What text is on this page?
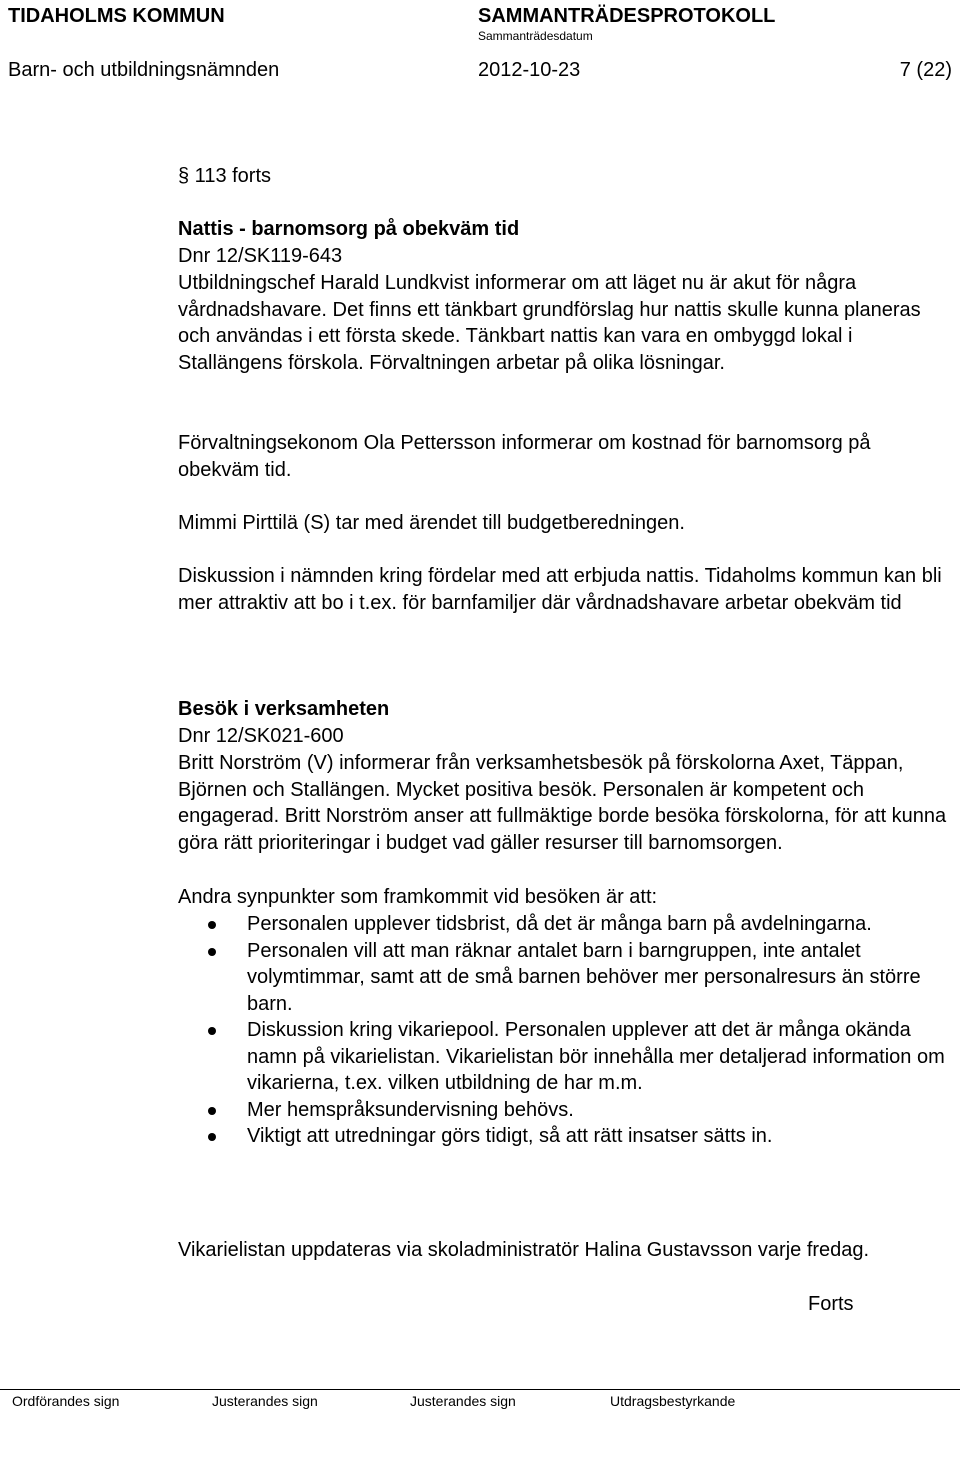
TIDAHOLMS KOMMUN	SAMMANTRÄDESPROTOKOLL
Sammanträdesdatum
Barn- och utbildningsnämnden	2012-10-23	7 (22)
§ 113 forts
Nattis - barnomsorg på obekväm tid
Dnr 12/SK119-643

Utbildningschef Harald Lundkvist informerar om att läget nu är akut för några vårdnadshavare. Det finns ett tänkbart grundförslag hur nattis skulle kunna planeras och användas i ett första skede. Tänkbart nattis kan vara en ombyggd lokal i Stallängens förskola. Förvaltningen arbetar på olika lösningar.

Förvaltningsekonom Ola Pettersson informerar om kostnad för barnomsorg på obekväm tid.

Mimmi Pirttilä (S) tar med ärendet till budgetberedningen.

Diskussion i nämnden kring fördelar med att erbjuda nattis. Tidaholms kommun kan bli mer attraktiv att bo i t.ex. för barnfamiljer där vårdnadshavare arbetar obekväm tid

Besök i verksamheten
Dnr 12/SK021-600

Britt Norström (V) informerar från verksamhetsbesök på förskolorna Axet, Täppan, Björnen och Stallängen. Mycket positiva besök. Personalen är kompetent och engagerad. Britt Norström anser att fullmäktige borde besöka förskolorna, för att kunna göra rätt prioriteringar i budget vad gäller resurser till barnomsorgen.

Andra synpunkter som framkommit vid besöken är att:
Personalen upplever tidsbrist, då det är många barn på avdelningarna.
Personalen vill att man räknar antalet barn i barngruppen, inte antalet volymtimmar, samt att de små barnen behöver mer personalresurs än större barn.
Diskussion kring vikariepool. Personalen upplever att det är många okända namn på vikarielistan. Vikarielistan bör innehålla mer detaljerad information om vikarierna, t.ex. vilken utbildning de har m.m.
Mer hemspråksundervisning behövs.
Viktigt att utredningar görs tidigt, så att rätt insatser sätts in.

Vikarielistan uppdateras via skoladministratör Halina Gustavsson varje fredag.

Forts
Ordförandes sign	Justerandes sign	Justerandes sign	Utdragsbestyrkande
